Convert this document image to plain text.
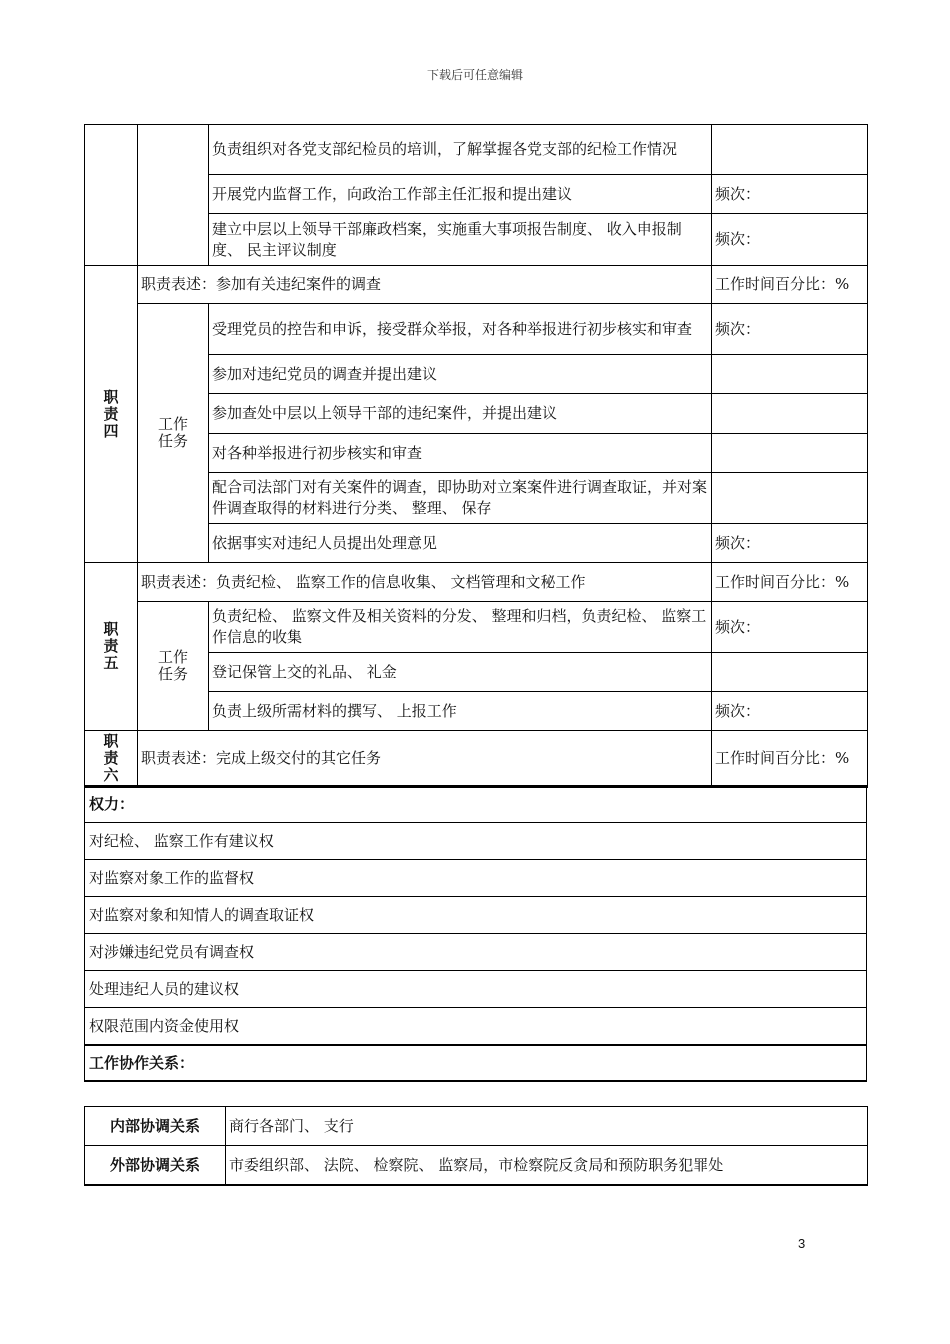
下载后可任意编辑
		负责组织对各党支部纪检员的培训，了解掌握各党支部的纪检工作情况	
		开展党内监督工作，向政治工作部主任汇报和提出建议	频次：
		建立中层以上领导干部廉政档案，实施重大事项报告制度、 收入申报制度、 民主评议制度	频次：
职
责
四	职责表述：参加有关违纪案件的调查		工作时间百分比：%
	工作
任务	受理党员的控告和申诉，接受群众举报，对各种举报进行初步核实和审查	频次：
		参加对违纪党员的调查并提出建议	
		参加查处中层以上领导干部的违纪案件，并提出建议	
		对各种举报进行初步核实和审查	
		配合司法部门对有关案件的调查，即协助对立案案件进行调查取证，并对案件调查取得的材料进行分类、 整理、 保存	
		依据事实对违纪人员提出处理意见	频次：
职
责
五	职责表述：负责纪检、 监察工作的信息收集、 文档管理和文秘工作		工作时间百分比：%
	工作
任务	负责纪检、 监察文件及相关资料的分发、 整理和归档，负责纪检、 监察工作信息的收集	频次：
		登记保管上交的礼品、 礼金	
		负责上级所需材料的撰写、 上报工作	频次：
职
责
六	职责表述：完成上级交付的其它任务		工作时间百分比：%
权力：
对纪检、 监察工作有建议权
对监察对象工作的监督权
对监察对象和知情人的调查取证权
对涉嫌违纪党员有调查权
处理违纪人员的建议权
权限范围内资金使用权
工作协作关系：
内部协调关系	商行各部门、 支行
外部协调关系	市委组织部、 法院、 检察院、 监察局，市检察院反贪局和预防职务犯罪处
3
